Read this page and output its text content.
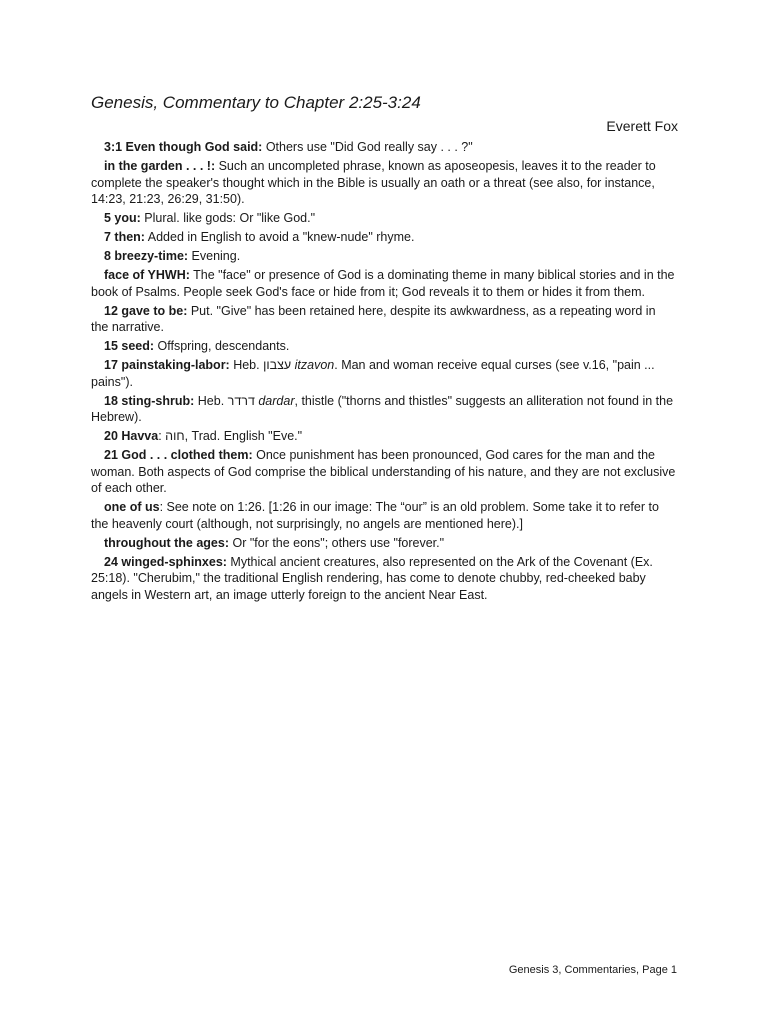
Genesis, Commentary to Chapter 2:25-3:24
Everett Fox

3:1 Even though God said: Others use "Did God really say . . . ?"

in the garden . . . !: Such an uncompleted phrase, known as aposeopesis, leaves it to the reader to complete the speaker's thought which in the Bible is usually an oath or a threat (see also, for instance, 14:23, 21:23, 26:29, 31:50).

5 you: Plural. like gods: Or "like God."

7 then: Added in English to avoid a "knew-nude" rhyme.

8 breezy-time: Evening.

face of YHWH: The "face" or presence of God is a dominating theme in many biblical stories and in the book of Psalms. People seek God's face or hide from it; God reveals it to them or hides it from them.

12 gave to be: Put. "Give" has been retained here, despite its awkwardness, as a repeating word in the narrative.

15 seed: Offspring, descendants.

17 painstaking-labor: Heb. עצבון itzavon. Man and woman receive equal curses (see v.16, "pain ... pains").

18 sting-shrub: Heb. דרדר dardar, thistle ("thorns and thistles" suggests an alliteration not found in the Hebrew).

20 Havva: חוה, Trad. English "Eve."

21 God . . . clothed them: Once punishment has been pronounced, God cares for the man and the woman. Both aspects of God comprise the biblical understanding of his nature, and they are not exclusive of each other.

one of us: See note on 1:26. [1:26 in our image: The “our” is an old problem. Some take it to refer to the heavenly court (although, not surprisingly, no angels are mentioned here).]

throughout the ages: Or "for the eons"; others use "forever."

24 winged-sphinxes: Mythical ancient creatures, also represented on the Ark of the Covenant (Ex. 25:18). "Cherubim," the traditional English rendering, has come to denote chubby, red-cheeked baby angels in Western art, an image utterly foreign to the ancient Near East.

Genesis 3, Commentaries, Page 1
